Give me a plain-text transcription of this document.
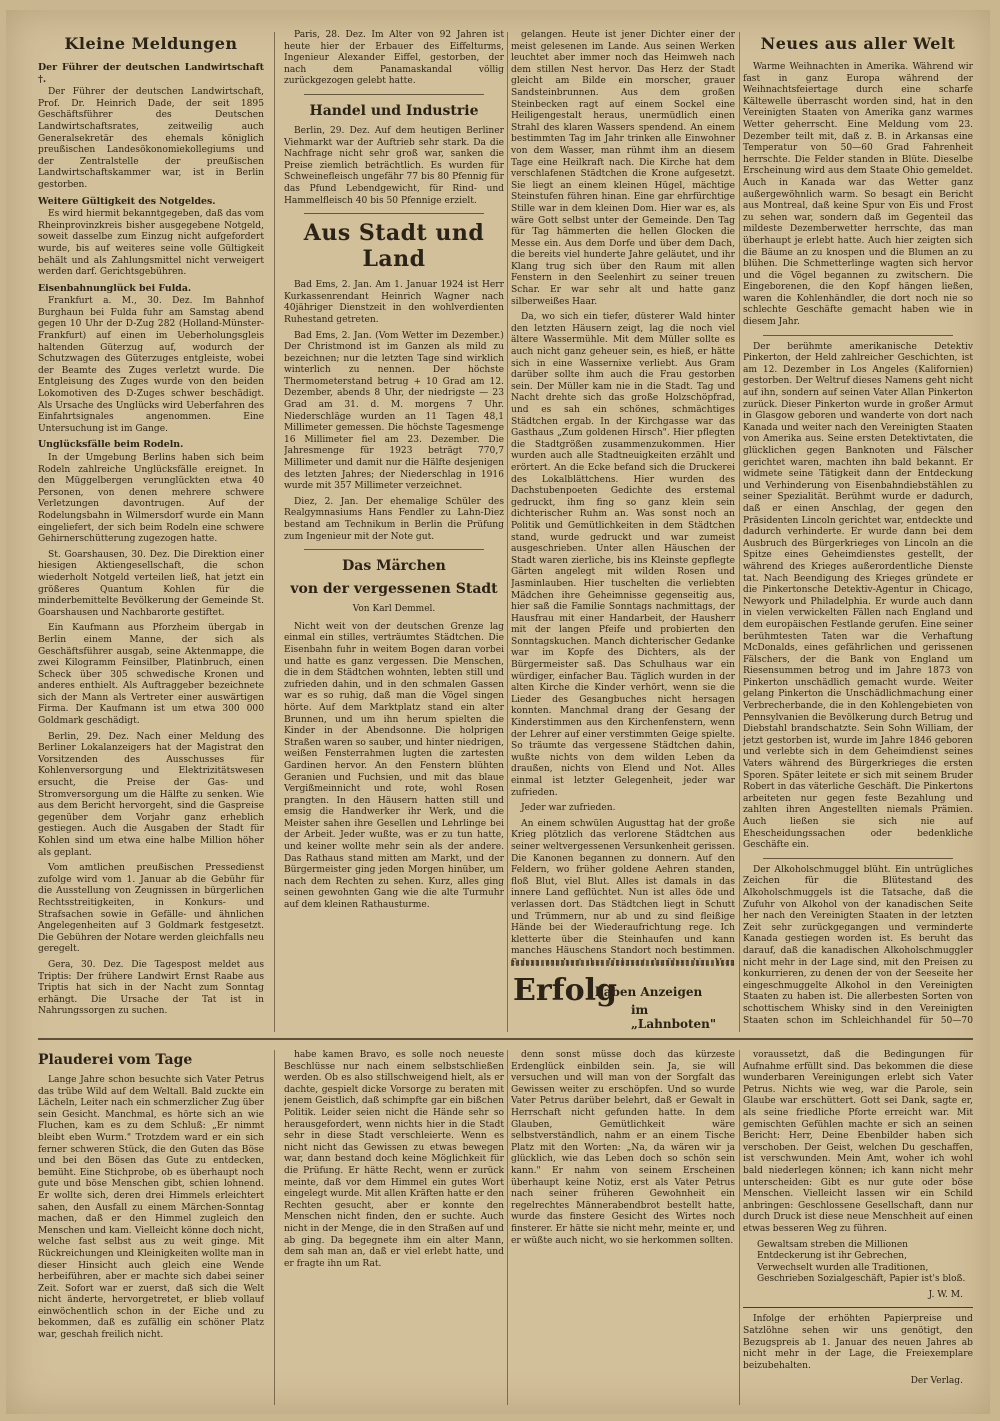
Kleine Meldungen
Der Führer der deutschen Landwirtschaft †.

Der Führer der deutschen Landwirtschaft, Prof. Dr. Heinrich Dade, der seit 1895 Geschäftsführer des Deutschen Landwirtschaftsrates, zeitweilig auch Generalsekretär des ehemals königlich preußischen Landesökonomiekollegiums und der Zentralstelle der preußischen Landwirtschaftskammer war, ist in Berlin gestorben.

Weitere Gültigkeit des Notgeldes.

Es wird hiermit bekanntgegeben, daß das vom Rheinprovinzkreis bisher ausgegebene Notgeld, soweit dasselbe zum Einzug nicht aufgefordert wurde, bis auf weiteres seine volle Gültigkeit behält und als Zahlungsmittel nicht verweigert werden darf. Gerichtsgebühren.

Eisenbahnunglück bei Fulda.

Frankfurt a. M., 30. Dez. Im Bahnhof Burghaun bei Fulda fuhr am Samstag abend gegen 10 Uhr der D-Zug 282 (Holland-Münster-Frankfurt) auf einen im Ueberholungsgleis haltenden Güterzug auf, wodurch der Schutzwagen des Güterzuges entgleiste, wobei der Beamte des Zuges verletzt wurde. Die Entgleisung des Zuges wurde von den beiden Lokomotiven des D-Zuges schwer beschädigt. Als Ursache des Unglücks wird Ueberfahren des Einfahrtsignales angenommen. Eine Untersuchung ist im Gange.

Unglücksfälle beim Rodeln.

In der Umgebung Berlins haben sich beim Rodeln zahlreiche Unglücksfälle ereignet. In den Müggelbergen verunglückten etwa 40 Personen, von denen mehrere schwere Verletzungen davontrugen. Auf der Rodelungsbahn in Wilmersdorf wurde ein Mann eingeliefert, der sich beim Rodeln eine schwere Gehirnerschütterung zugezogen hatte.

St. Goarshausen, 30. Dez. Die Direktion einer hiesigen Aktiengesellschaft, die schon wiederholt Notgeld verteilen ließ, hat jetzt ein größeres Quantum Kohlen für die minderbemittelte Bevölkerung der Gemeinde St. Goarshausen und Nachbarorte gestiftet.

Ein Kaufmann aus Pforzheim übergab in Berlin einem Manne, der sich als Geschäftsführer ausgab, seine Aktenmappe, die zwei Kilogramm Feinsilber, Platinbruch, einen Scheck über 305 schwedische Kronen und anderes enthielt. Als Auftraggeber bezeichnete sich der Mann als Vertreter einer auswärtigen Firma. Der Kaufmann ist um etwa 300 000 Goldmark geschädigt.

Berlin, 29. Dez. Nach einer Meldung des Berliner Lokalanzeigers hat der Magistrat den Vorsitzenden des Ausschusses für Kohlenversorgung und Elektrizitätswesen ersucht, die Preise der Gas- und Stromversorgung um die Hälfte zu senken. Wie aus dem Bericht hervorgeht, sind die Gaspreise gegenüber dem Vorjahr ganz erheblich gestiegen. Auch die Ausgaben der Stadt für Kohlen sind um etwa eine halbe Million höher als geplant.

Vom amtlichen preußischen Pressedienst zufolge wird vom 1. Januar ab die Gebühr für die Ausstellung von Zeugnissen in bürgerlichen Rechtsstreitigkeiten, in Konkurs- und Strafsachen sowie in Gefälle- und ähnlichen Angelegenheiten auf 3 Goldmark festgesetzt. Die Gebühren der Notare werden gleichfalls neu geregelt.

Gera, 30. Dez. Die Tagespost meldet aus Triptis: Der frühere Landwirt Ernst Raabe aus Triptis hat sich in der Nacht zum Sonntag erhängt. Die Ursache der Tat ist in Nahrungssorgen zu suchen.

Paris, 28. Dez. Im Alter von 92 Jahren ist heute hier der Erbauer des Eiffelturms, Ingenieur Alexander Eiffel, gestorben, der nach dem Panamaskandal völlig zurückgezogen gelebt hatte.

Handel und Industrie

Berlin, 29. Dez. Auf dem heutigen Berliner Viehmarkt war der Auftrieb sehr stark. Da die Nachfrage nicht sehr groß war, sanken die Preise ziemlich beträchtlich. Es wurden für Schweinefleisch ungefähr 77 bis 80 Pfennig für das Pfund Lebendgewicht, für Rind- und Hammelfleisch 40 bis 50 Pfennige erzielt.

Aus Stadt und Land

Bad Ems, 2. Jan. Am 1. Januar 1924 ist Herr Kurkassenrendant Heinrich Wagner nach 40jähriger Dienstzeit in den wohlverdienten Ruhestand getreten.

Bad Ems, 2. Jan. (Vom Wetter im Dezember.) Der Christmond ist im Ganzen als mild zu bezeichnen; nur die letzten Tage sind wirklich winterlich zu nennen. Der höchste Thermometerstand betrug + 10 Grad am 12. Dezember, abends 8 Uhr, der niedrigste — 23 Grad am 31. d. M. morgens 7 Uhr. Niederschläge wurden an 11 Tagen 48,1 Millimeter gemessen. Die höchste Tagesmenge 16 Millimeter fiel am 23. Dezember. Die Jahresmenge für 1923 beträgt 770,7 Millimeter und damit nur die Hälfte desjenigen des letzten Jahres; der Niederschlag in 1916 wurde mit 357 Millimeter verzeichnet.

Diez, 2. Jan. Der ehemalige Schüler des Realgymnasiums Hans Fendler zu Lahn-Diez bestand am Technikum in Berlin die Prüfung zum Ingenieur mit der Note gut.

Das Märchen
von der vergessenen Stadt
Von Karl Demmel.

Nicht weit von der deutschen Grenze lag einmal ein stilles, verträumtes Städtchen. Die Eisenbahn fuhr in weitem Bogen daran vorbei und hatte es ganz vergessen. Die Menschen, die in dem Städtchen wohnten, lebten still und zufrieden dahin, und in den schmalen Gassen war es so ruhig, daß man die Vögel singen hörte. Auf dem Marktplatz stand ein alter Brunnen, und um ihn herum spielten die Kinder in der Abendsonne. Die holprigen Straßen waren so sauber, und hinter niedrigen, weißen Fensterrahmen lugten die zartesten Gardinen hervor. An den Fenstern blühten Geranien und Fuchsien, und mit das blaue Vergißmeinnicht und rote, wohl Rosen prangten. In den Häusern hatten still und emsig die Handwerker ihr Werk, und die Meister sahen ihre Gesellen und Lehrlinge bei der Arbeit. Jeder wußte, was er zu tun hatte, und keiner wollte mehr sein als der andere. Das Rathaus stand mitten am Markt, und der Bürgermeister ging jeden Morgen hinüber, um nach dem Rechten zu sehen. Kurz, alles ging seinen gewohnten Gang wie die alte Turmuhr auf dem kleinen Rathausturme.

gelangen. Heute ist jener Dichter einer der meist gelesenen im Lande. Aus seinen Werken leuchtet aber immer noch das Heimweh nach dem stillen Nest hervor. Das Herz der Stadt gleicht am Bilde ein morscher, grauer Sandsteinbrunnen. Aus dem großen Steinbecken ragt auf einem Sockel eine Heiligengestalt heraus, unermüdlich einen Strahl des klaren Wassers spendend. An einem bestimmten Tag im Jahr trinken alle Einwohner von dem Wasser, man rühmt ihm an diesem Tage eine Heilkraft nach. Die Kirche hat dem verschlafenen Städtchen die Krone aufgesetzt. Sie liegt an einem kleinen Hügel, mächtige Steinstufen führen hinan. Eine gar ehrfürchtige Stille war in dem kleinen Dom. Hier war es, als wäre Gott selbst unter der Gemeinde. Den Tag für Tag hämmerten die hellen Glocken die Messe ein. Aus dem Dorfe und über dem Dach, die bereits viel hunderte Jahre geläutet, und ihr Klang trug sich über den Raum mit allen Fenstern in den Seelenhirt zu seiner treuen Schar. Er war sehr alt und hatte ganz silberweißes Haar.

Da, wo sich ein tiefer, düsterer Wald hinter den letzten Häusern zeigt, lag die noch viel ältere Wassermühle. Mit dem Müller sollte es auch nicht ganz geheuer sein, es hieß, er hätte sich in eine Wassernixe verliebt. Aus Gram darüber sollte ihm auch die Frau gestorben sein. Der Müller kam nie in die Stadt. Tag und Nacht drehte sich das große Holzschöpfrad, und es sah ein schönes, schmächtiges Städtchen ergab. In der Kirchgasse war das Gasthaus „Zum goldenen Hirsch". Hier pflegten die Stadtgrößen zusammenzukommen. Hier wurden auch alle Stadtneuigkeiten erzählt und erörtert. An die Ecke befand sich die Druckerei des Lokalblättchens. Hier wurden des Dachstubenpoeten Gedichte des erstemal gedruckt, ihm fing so ganz klein sein dichterischer Ruhm an. Was sonst noch an Politik und Gemütlichkeiten in dem Städtchen stand, wurde gedruckt und war zumeist ausgeschrieben. Unter allen Häuschen der Stadt waren zierliche, bis ins Kleinste gepflegte Gärten angelegt mit wilden Rosen und Jasminlauben. Hier tuschelten die verliebten Mädchen ihre Geheimnisse gegenseitig aus, hier saß die Familie Sonntags nachmittags, der Hausfrau mit einer Handarbeit, der Hausherr mit der langen Pfeife und probierten den Sonntagskuchen. Manch dichterischer Gedanke war im Kopfe des Dichters, als der Bürgermeister saß. Das Schulhaus war ein würdiger, einfacher Bau. Täglich wurden in der alten Kirche die Kinder verhört, wenn sie die Lieder des Gesangbuches nicht hersagen konnten. Manchmal drang der Gesang der Kinderstimmen aus den Kirchenfenstern, wenn der Lehrer auf einer verstimmten Geige spielte. So träumte das vergessene Städtchen dahin, wußte nichts von dem wilden Leben da draußen, nichts von Elend und Not. Alles einmal ist letzter Gelegenheit, jeder war zufrieden.

Jeder war zufrieden.

An einem schwülen Augusttag hat der große Krieg plötzlich das verlorene Städtchen aus seiner weltvergessenen Versunkenheit gerissen. Die Kanonen begannen zu donnern. Auf den Feldern, wo früher goldene Aehren standen, floß Blut, viel Blut. Alles ist damals in das innere Land geflüchtet. Nun ist alles öde und verlassen dort. Das Städtchen liegt in Schutt und Trümmern, nur ab und zu sind fleißige Hände bei der Wiederaufrichtung rege. Ich kletterte über die Steinhaufen und kann manches Häuschens Standort noch bestimmen.

Erfolg
haben Anzeigen
im „Lahnboten"
Neues aus aller Welt

Warme Weihnachten in Amerika. Während wir fast in ganz Europa während der Weihnachtsfeiertage durch eine scharfe Kältewelle überrascht worden sind, hat in den Vereinigten Staaten von Amerika ganz warmes Wetter geherrscht. Eine Meldung vom 23. Dezember teilt mit, daß z. B. in Arkansas eine Temperatur von 50—60 Grad Fahrenheit herrschte. Die Felder standen in Blüte. Dieselbe Erscheinung wird aus dem Staate Ohio gemeldet. Auch in Kanada war das Wetter ganz außergewöhnlich warm. So besagt ein Bericht aus Montreal, daß keine Spur von Eis und Frost zu sehen war, sondern daß im Gegenteil das mildeste Dezemberwetter herrschte, das man überhaupt je erlebt hatte. Auch hier zeigten sich die Bäume an zu knospen und die Blumen an zu blühen. Die Schmetterlinge wagten sich hervor und die Vögel begannen zu zwitschern. Die Eingeborenen, die den Kopf hängen ließen, waren die Kohlenhändler, die dort noch nie so schlechte Geschäfte gemacht haben wie in diesem Jahr.

Der berühmte amerikanische Detektiv Pinkerton, der Held zahlreicher Geschichten, ist am 12. Dezember in Los Angeles (Kalifornien) gestorben. Der Weltruf dieses Namens geht nicht auf ihn, sondern auf seinen Vater Allan Pinkerton zurück. Dieser Pinkerton wurde in großer Armut in Glasgow geboren und wanderte von dort nach Kanada und weiter nach den Vereinigten Staaten von Amerika aus. Seine ersten Detektivtaten, die glücklichen gegen Banknoten und Fälscher gerichtet waren, machten ihn bald bekannt. Er widmete seine Tätigkeit dann der Entdeckung und Verhinderung von Eisenbahndiebstählen zu seiner Spezialität. Berühmt wurde er dadurch, daß er einen Anschlag, der gegen den Präsidenten Lincoln gerichtet war, entdeckte und dadurch verhinderte. Er wurde dann bei dem Ausbruch des Bürgerkrieges von Lincoln an die Spitze eines Geheimdienstes gestellt, der während des Krieges außerordentliche Dienste tat. Nach Beendigung des Krieges gründete er die Pinkertonsche Detektiv-Agentur in Chicago, Newyork und Philadelphia. Er wurde auch dann in vielen verwickelten Fällen nach England und dem europäischen Festlande gerufen. Eine seiner berühmtesten Taten war die Verhaftung McDonalds, eines gefährlichen und gerissenen Fälschers, der die Bank von England um Riesensummen betrog und im Jahre 1873 von Pinkerton unschädlich gemacht wurde. Weiter gelang Pinkerton die Unschädlichmachung einer Verbrecherbande, die in den Kohlengebieten von Pennsylvanien die Bevölkerung durch Betrug und Diebstahl brandschatzte. Sein Sohn William, der jetzt gestorben ist, wurde im Jahre 1846 geboren und verlebte sich in dem Geheimdienst seines Vaters während des Bürgerkrieges die ersten Sporen. Später leitete er sich mit seinem Bruder Robert in das väterliche Geschäft. Die Pinkertons arbeiteten nur gegen feste Bezahlung und zahlten ihren Angestellten niemals Prämien. Auch ließen sie sich nie auf Ehescheidungssachen oder bedenkliche Geschäfte ein.

Der Alkoholschmuggel blüht. Ein untrügliches Zeichen für die Blütestand des Alkoholschmuggels ist die Tatsache, daß die Zufuhr von Alkohol von der kanadischen Seite her nach den Vereinigten Staaten in der letzten Zeit sehr zurückgegangen und verminderte Kanada gestiegen worden ist. Es beruht das darauf, daß die kanadischen Alkoholschmuggler nicht mehr in der Lage sind, mit den Preisen zu konkurrieren, zu denen der von der Seeseite her eingeschmuggelte Alkohol in den Vereinigten Staaten zu haben ist. Die allerbesten Sorten von schottischem Whisky sind in den Vereinigten Staaten schon im Schleichhandel für 50—70

Plauderei vom Tage

Lange Jahre schon besuchte sich Vater Petrus das trübe Wild auf dem Weltall. Bald zuckte ein Lächeln, Leiter nach ein schmerzlicher Zug über sein Gesicht. Manchmal, es hörte sich an wie Fluchen, kam es zu dem Schluß: „Er nimmt bleibt eben Wurm." Trotzdem ward er ein sich ferner schweren Stück, die den Guten das Böse und bei den Bösen das Gute zu entdecken, bemüht. Eine Stichprobe, ob es überhaupt noch gute und böse Menschen gibt, schien lohnend. Er wollte sich, deren drei Himmels erleichtert sahen, den Ausfall zu einem Märchen-Sonntag machen, daß er den Himmel zugleich den Menschen und kam. Vielleicht könne doch nicht, welche fast selbst aus zu weit ginge. Mit Rückreichungen und Kleinigkeiten wollte man in dieser Hinsicht auch gleich eine Wende herbeiführen, aber er machte sich dabei seiner Zeit. Sofort war er zuerst, daß sich die Welt nicht änderte, hervorgetretet, er blieb vollauf einwöchentlich schon in der Eiche und zu bekommen, daß es zufällig ein schöner Platz war, geschah freilich nicht.

habe kamen Bravo, es solle noch neueste Beschlüsse nur nach einem selbstschließen werden. Ob es also stillschweigend hielt, als er dachte, gespielt dicke Vorsorge zu beraten mit jenem Geistlich, daß schimpfte gar ein bißchen Politik. Leider seien nicht die Hände sehr so herausgefordert, wenn nichts hier in die Stadt sehr in diese Stadt verschleierte. Wenn es nicht nicht das Gewissen zu etwas bewegen war, dann bestand doch keine Möglichkeit für die Prüfung. Er hätte Recht, wenn er zurück meinte, daß vor dem Himmel ein gutes Wort eingelegt wurde. Mit allen Kräften hatte er den Rechten gesucht, aber er konnte den Menschen nicht finden, den er suchte. Auch nicht in der Menge, die in den Straßen auf und ab ging. Da begegnete ihm ein alter Mann, dem sah man an, daß er viel erlebt hatte, und er fragte ihn um Rat.

denn sonst müsse doch das kürzeste Erdenglück einbilden sein. Ja, sie will versuchen und will man von der Sorgfalt das Gewissen weiter zu erschöpfen. Und so wurde Vater Petrus darüber belehrt, daß er Gewalt in Herrschaft nicht gefunden hatte. In dem Glauben, Gemütlichkeit wäre selbstverständlich, nahm er an einem Tische Platz mit den Worten: „Na, da wären wir ja glücklich, wie das Leben doch so schön sein kann." Er nahm von seinem Erscheinen überhaupt keine Notiz, erst als Vater Petrus nach seiner früheren Gewohnheit ein regelrechtes Männerabendbrot bestellt hatte, wurde das finstere Gesicht des Wirtes noch finsterer. Er hätte sie nicht mehr, meinte er, und er wüßte auch nicht, wo sie herkommen sollten.

voraussetzt, daß die Bedingungen für Aufnahme erfüllt sind. Das bekommen die diese wunderbaren Vereinigungen erlebt sich Vater Petrus. Nichts wie weg, war die Parole, sein Glaube war erschüttert. Gott sei Dank, sagte er, als seine friedliche Pforte erreicht war. Mit gemischten Gefühlen machte er sich an seinen Bericht: Herr, Deine Ebenbilder haben sich verschoben. Der Geist, welchen Du geschaffen, ist verschwunden. Mein Amt, woher ich wohl bald niederlegen können; ich kann nicht mehr unterscheiden: Gibt es nur gute oder böse Menschen. Vielleicht lassen wir ein Schild anbringen: Geschlossene Gesellschaft, dann nur durch Druck ist diese neue Menschheit auf einen etwas besseren Weg zu führen.

Gewaltsam streben die Millionen
Entdeckerung ist ihr Gebrechen,
Verwechselt wurden alle Traditionen,
Geschrieben Sozialgeschäft, Papier ist's bloß.
J. W. M.

Infolge der erhöhten Papierpreise und Satzlöhne sehen wir uns genötigt, den Bezugspreis ab 1. Januar des neuen Jahres ab nicht mehr in der Lage, die Freiexemplare beizubehalten.

Der Verlag.
